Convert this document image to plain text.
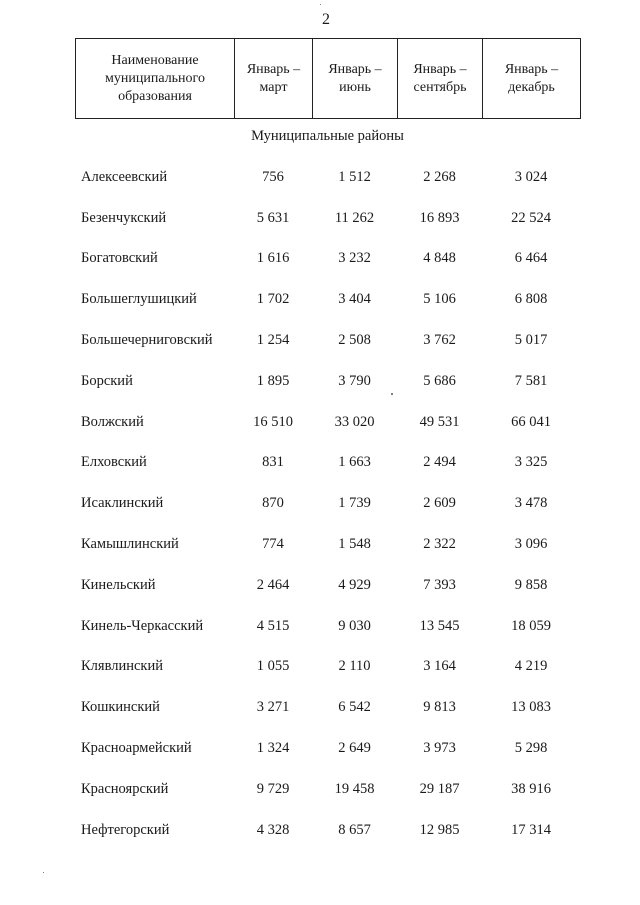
2
Наименование муниципального образования	Январь – март	Январь – июнь	Январь – сентябрь	Январь – декабрь
Муниципальные районы
Алексеевский	756	1 512	2 268	3 024
Безенчукский	5 631	11 262	16 893	22 524
Богатовский	1 616	3 232	4 848	6 464
Большеглушицкий	1 702	3 404	5 106	6 808
Большечерниговский	1 254	2 508	3 762	5 017
Борский	1 895	3 790	5 686	7 581
Волжский	16 510	33 020	49 531	66 041
Елховский	831	1 663	2 494	3 325
Исаклинский	870	1 739	2 609	3 478
Камышлинский	774	1 548	2 322	3 096
Кинельский	2 464	4 929	7 393	9 858
Кинель-Черкасский	4 515	9 030	13 545	18 059
Клявлинский	1 055	2 110	3 164	4 219
Кошкинский	3 271	6 542	9 813	13 083
Красноармейский	1 324	2 649	3 973	5 298
Красноярский	9 729	19 458	29 187	38 916
Нефтегорский	4 328	8 657	12 985	17 314
